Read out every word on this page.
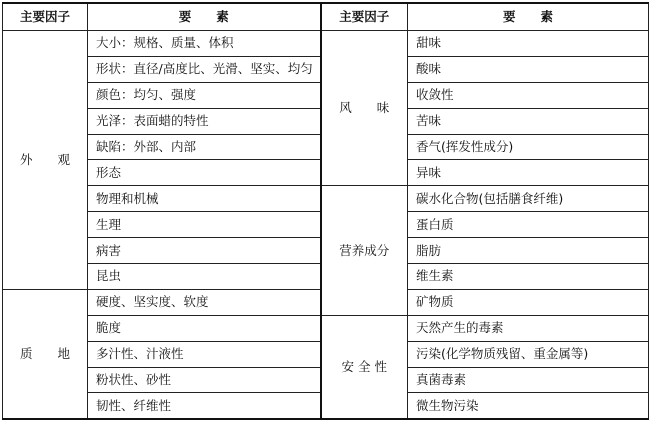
主要因子	要　　素	主要因子	要　　素
外　　观	大小：规格、质量、体积	风　　味	甜味
	形状：直径/高度比、光滑、坚实、均匀		酸味
	颜色：均匀、强度		收敛性
	光泽：表面蜡的特性		苦味
	缺陷：外部、内部		香气(挥发性成分)
	形态		异味
	物理和机械	营养成分	碳水化合物(包括膳食纤维)
	生理		蛋白质
	病害		脂肪
	昆虫		维生素
质　　地	硬度、坚实度、软度		矿物质
	脆度	安 全 性	天然产生的毒素
	多汁性、汁液性		污染(化学物质残留、重金属等)
	粉状性、砂性		真菌毒素
	韧性、纤维性		微生物污染
